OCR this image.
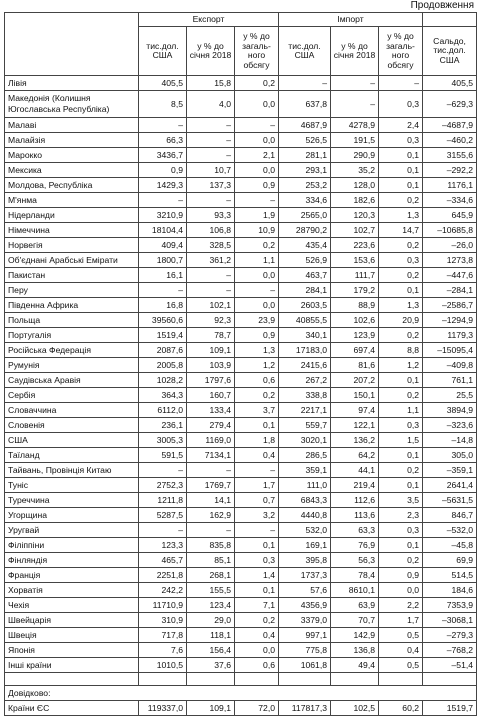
Продовження
	Експорт			Імпорт			
	тис.дол. США	у % до січня 2018	у % до загаль-ного обсягу	тис.дол. США	у % до січня 2018	у % до загаль-ного обсягу	Сальдо, тис.дол. США
Лівія	405,5	15,8	0,2	–	–	–	405,5
Македонія (Колишня Югославська Республіка)	8,5	4,0	0,0	637,8	–	0,3	–629,3
Малаві	–	–	–	4687,9	4278,9	2,4	–4687,9
Малайзія	66,3	–	0,0	526,5	191,5	0,3	–460,2
Марокко	3436,7	–	2,1	281,1	290,9	0,1	3155,6
Мексика	0,9	10,7	0,0	293,1	35,2	0,1	–292,2
Молдова, Республіка	1429,3	137,3	0,9	253,2	128,0	0,1	1176,1
М'янма	–	–	–	334,6	182,6	0,2	–334,6
Нідерланди	3210,9	93,3	1,9	2565,0	120,3	1,3	645,9
Німеччина	18104,4	106,8	10,9	28790,2	102,7	14,7	–10685,8
Норвегія	409,4	328,5	0,2	435,4	223,6	0,2	–26,0
Об'єднані Арабські Емірати	1800,7	361,2	1,1	526,9	153,6	0,3	1273,8
Пакистан	16,1	–	0,0	463,7	111,7	0,2	–447,6
Перу	–	–	–	284,1	179,2	0,1	–284,1
Південна Африка	16,8	102,1	0,0	2603,5	88,9	1,3	–2586,7
Польща	39560,6	92,3	23,9	40855,5	102,6	20,9	–1294,9
Португалія	1519,4	78,7	0,9	340,1	123,9	0,2	1179,3
Російська Федерація	2087,6	109,1	1,3	17183,0	697,4	8,8	–15095,4
Румунія	2005,8	103,9	1,2	2415,6	81,6	1,2	–409,8
Саудівська Аравія	1028,2	1797,6	0,6	267,2	207,2	0,1	761,1
Сербія	364,3	160,7	0,2	338,8	150,1	0,2	25,5
Словаччина	6112,0	133,4	3,7	2217,1	97,4	1,1	3894,9
Словенія	236,1	279,4	0,1	559,7	122,1	0,3	–323,6
США	3005,3	1169,0	1,8	3020,1	136,2	1,5	–14,8
Таїланд	591,5	7134,1	0,4	286,5	64,2	0,1	305,0
Тайвань, Провінція Китаю	–	–	–	359,1	44,1	0,2	–359,1
Туніс	2752,3	1769,7	1,7	111,0	219,4	0,1	2641,4
Туреччина	1211,8	14,1	0,7	6843,3	112,6	3,5	–5631,5
Угорщина	5287,5	162,9	3,2	4440,8	113,6	2,3	846,7
Уругвай	–	–	–	532,0	63,3	0,3	–532,0
Філіппіни	123,3	835,8	0,1	169,1	76,9	0,1	–45,8
Фінляндія	465,7	85,1	0,3	395,8	56,3	0,2	69,9
Франція	2251,8	268,1	1,4	1737,3	78,4	0,9	514,5
Хорватія	242,2	155,5	0,1	57,6	8610,1	0,0	184,6
Чехія	11710,9	123,4	7,1	4356,9	63,9	2,2	7353,9
Швейцарія	310,9	29,0	0,2	3379,0	70,7	1,7	–3068,1
Швеція	717,8	118,1	0,4	997,1	142,9	0,5	–279,3
Японія	7,6	156,4	0,0	775,8	136,8	0,4	–768,2
Інші країни	1010,5	37,6	0,6	1061,8	49,4	0,5	–51,4

Довідково:							
Країни ЄС	119337,0	109,1	72,0	117817,3	102,5	60,2	1519,7
